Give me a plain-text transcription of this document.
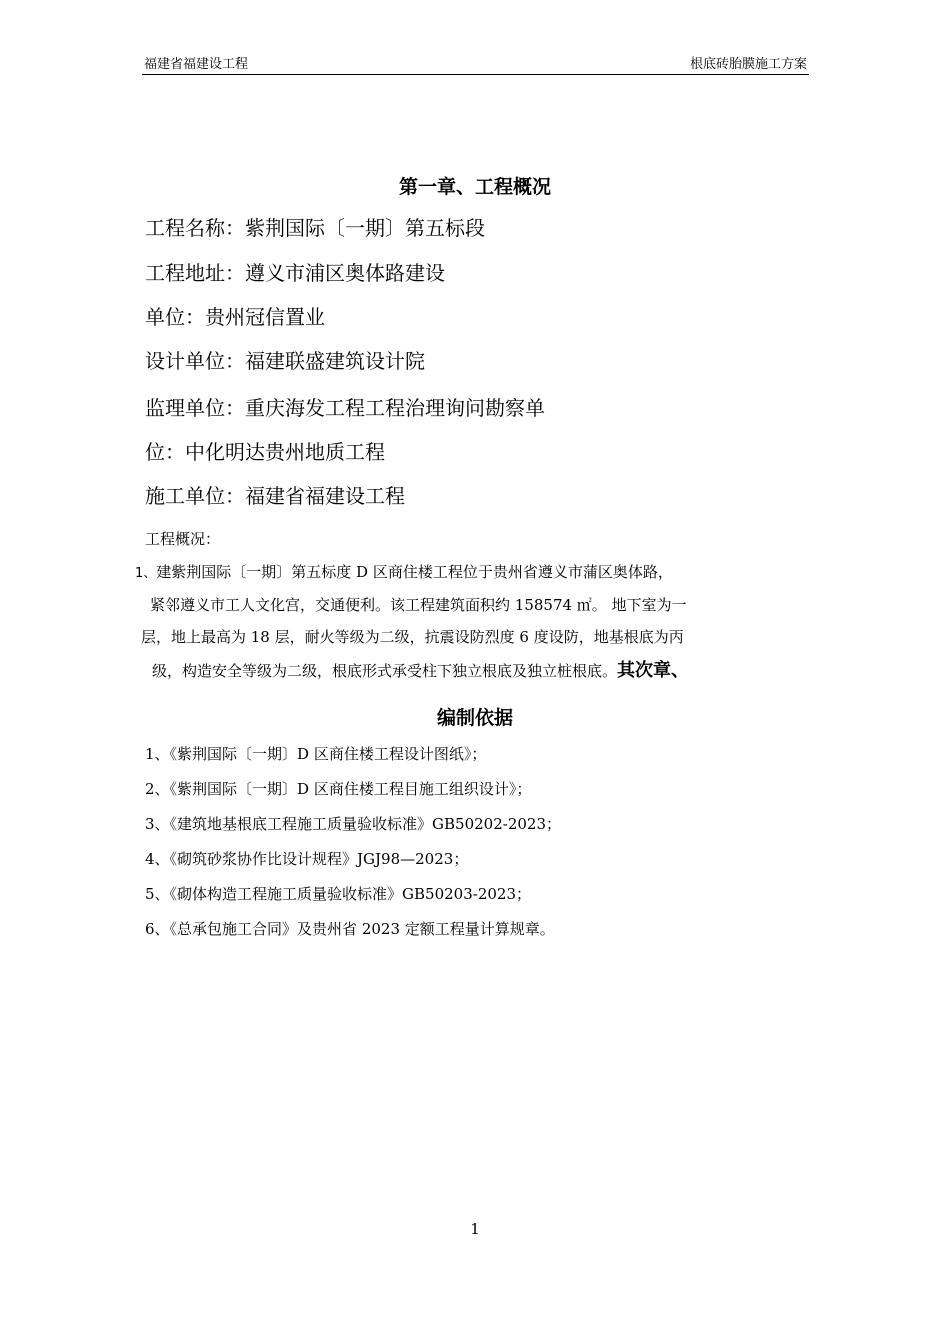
福建省福建设工程	根底砖胎膜施工方案
第一章、工程概况
工程名称：紫荆国际〔一期〕第五标段
工程地址：遵义市浦区奥体路建设
单位：贵州冠信置业
设计单位：福建联盛建筑设计院
监理单位：重庆海发工程工程治理询问勘察单
位：中化明达贵州地质工程
施工单位：福建省福建设工程
工程概况：
1、建紫荆国际〔一期〕第五标度 D 区商住楼工程位于贵州省遵义市蒲区奥体路，
紧邻遵义市工人文化宫，交通便利。该工程建筑面积约 158574 ㎡。 地下室为一
层，地上最高为 18 层，耐火等级为二级，抗震设防烈度 6 度设防，地基根底为丙
级，构造安全等级为二级，根底形式承受柱下独立根底及独立桩根底。其次章、
编制依据
1、《紫荆国际〔一期〕D 区商住楼工程设计图纸》；
2、《紫荆国际〔一期〕D 区商住楼工程目施工组织设计》；
3、《建筑地基根底工程施工质量验收标准》GB50202-2023；
4、《砌筑砂浆协作比设计规程》JGJ98—2023；
5、《砌体构造工程施工质量验收标准》GB50203-2023；
6、《总承包施工合同》及贵州省 2023 定额工程量计算规章。
1
